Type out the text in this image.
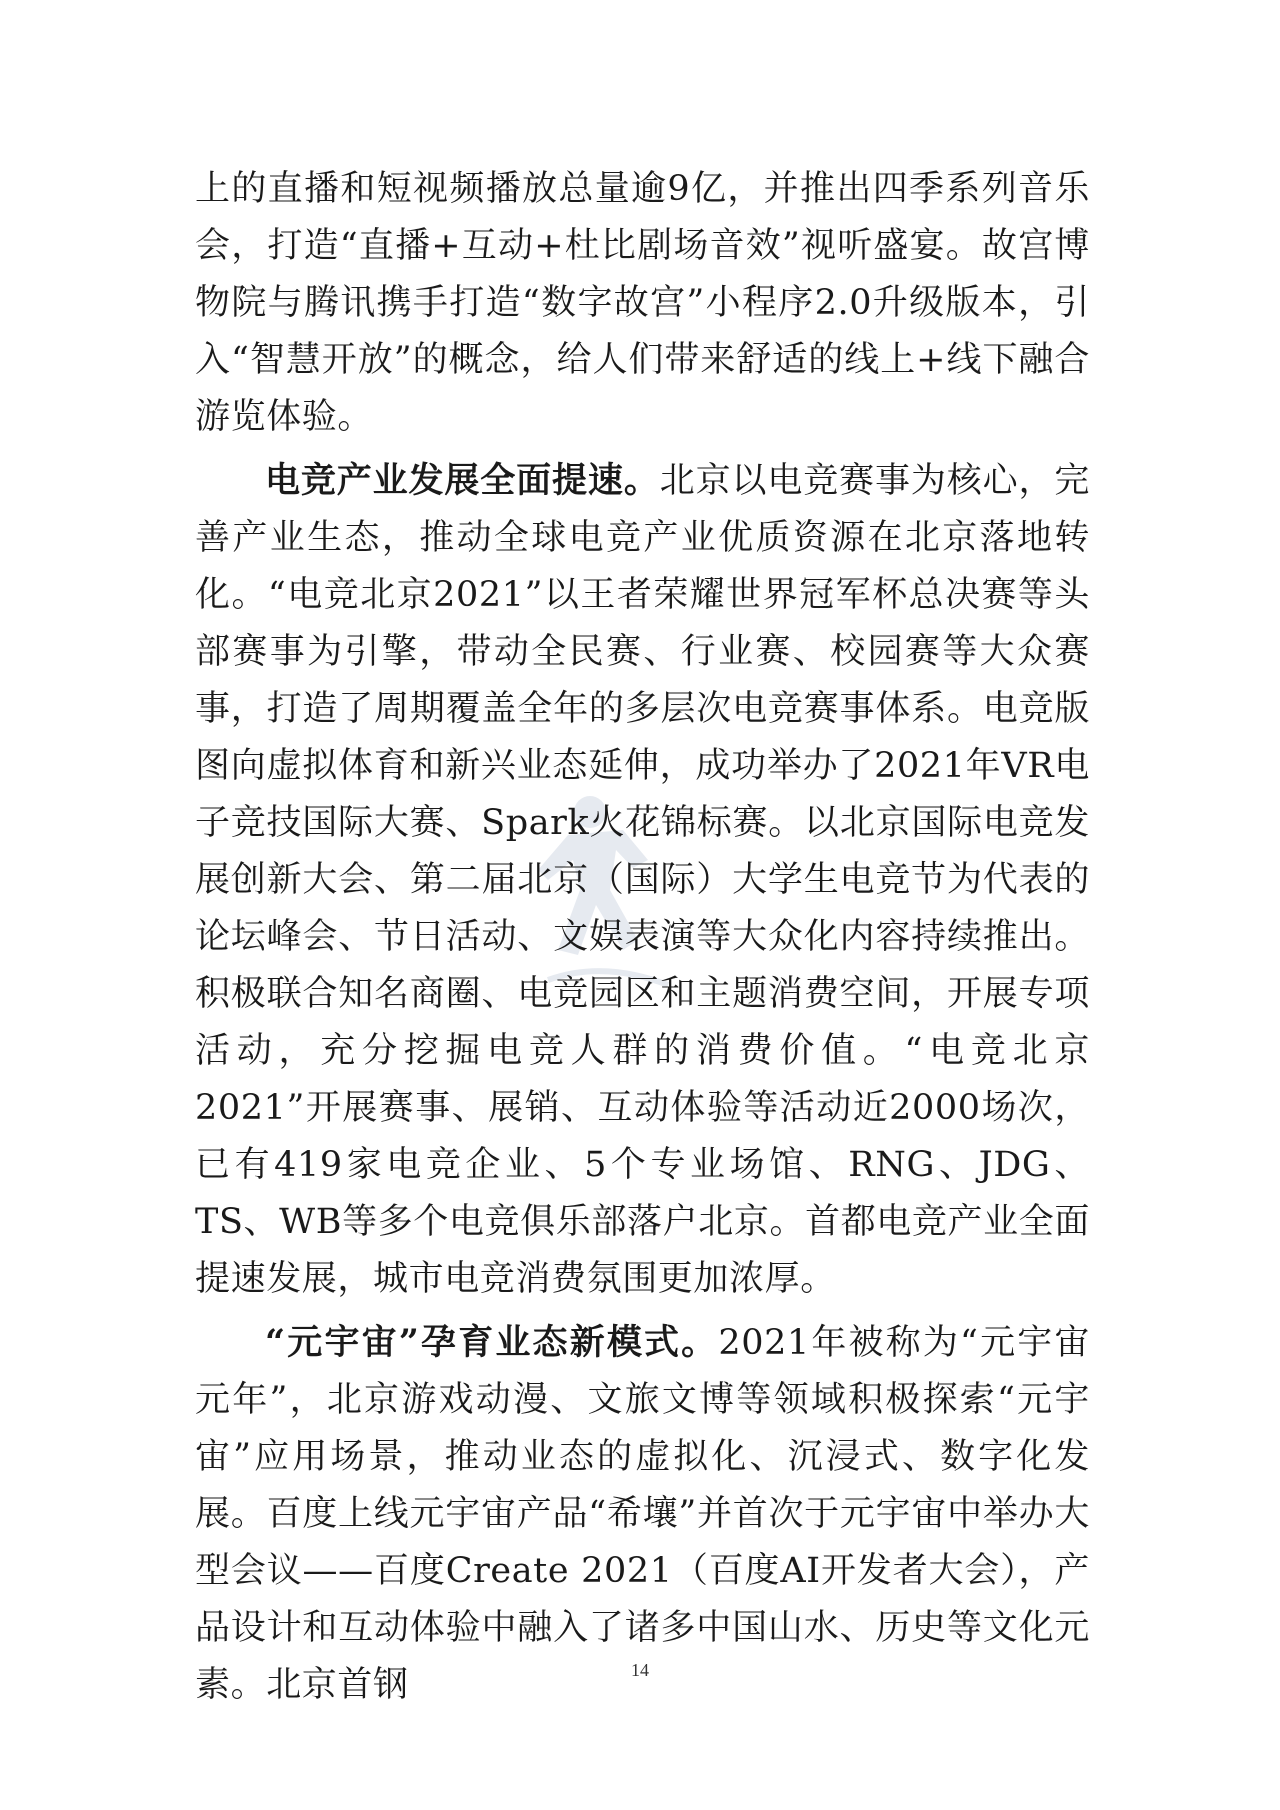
上的直播和短视频播放总量逾9亿，并推出四季系列音乐会，打造“直播+互动+杜比剧场音效”视听盛宴。故宫博物院与腾讯携手打造“数字故宫”小程序2.0升级版本，引入“智慧开放”的概念，给人们带来舒适的线上+线下融合游览体验。

电竞产业发展全面提速。北京以电竞赛事为核心，完善产业生态，推动全球电竞产业优质资源在北京落地转化。“电竞北京2021”以王者荣耀世界冠军杯总决赛等头部赛事为引擎，带动全民赛、行业赛、校园赛等大众赛事，打造了周期覆盖全年的多层次电竞赛事体系。电竞版图向虚拟体育和新兴业态延伸，成功举办了2021年VR电子竞技国际大赛、Spark火花锦标赛。以北京国际电竞发展创新大会、第二届北京（国际）大学生电竞节为代表的论坛峰会、节日活动、文娱表演等大众化内容持续推出。积极联合知名商圈、电竞园区和主题消费空间，开展专项活动，充分挖掘电竞人群的消费价值。“电竞北京2021”开展赛事、展销、互动体验等活动近2000场次，已有419家电竞企业、5个专业场馆、RNG、JDG、TS、WB等多个电竞俱乐部落户北京。首都电竞产业全面提速发展，城市电竞消费氛围更加浓厚。

“元宇宙”孕育业态新模式。2021年被称为“元宇宙元年”，北京游戏动漫、文旅文博等领域积极探索“元宇宙”应用场景，推动业态的虚拟化、沉浸式、数字化发展。百度上线元宇宙产品“希壤”并首次于元宇宙中举办大型会议——百度Create 2021（百度AI开发者大会），产品设计和互动体验中融入了诸多中国山水、历史等文化元素。北京首钢	14
